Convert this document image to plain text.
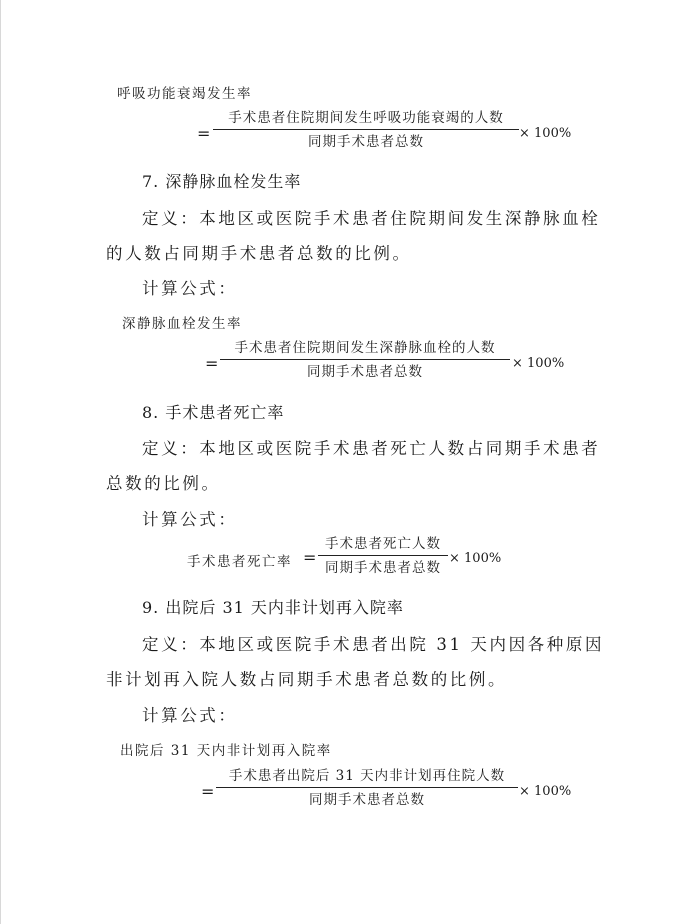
呼吸功能衰竭发生率
=
手术患者住院期间发生呼吸功能衰竭的人数
同期手术患者总数
× 100%
7. 深静脉血栓发生率
定义：本地区或医院手术患者住院期间发生深静脉血栓
的人数占同期手术患者总数的比例。
计算公式：
深静脉血栓发生率
=
手术患者住院期间发生深静脉血栓的人数
同期手术患者总数
× 100%
8. 手术患者死亡率
定义：本地区或医院手术患者死亡人数占同期手术患者
总数的比例。
计算公式：
手术患者死亡率 =
手术患者死亡人数
同期手术患者总数
× 100%
9. 出院后 31 天内非计划再入院率
定义：本地区或医院手术患者出院 31 天内因各种原因
非计划再入院人数占同期手术患者总数的比例。
计算公式：
出院后 31 天内非计划再入院率
=
手术患者出院后 31 天内非计划再住院人数
同期手术患者总数
× 100%
